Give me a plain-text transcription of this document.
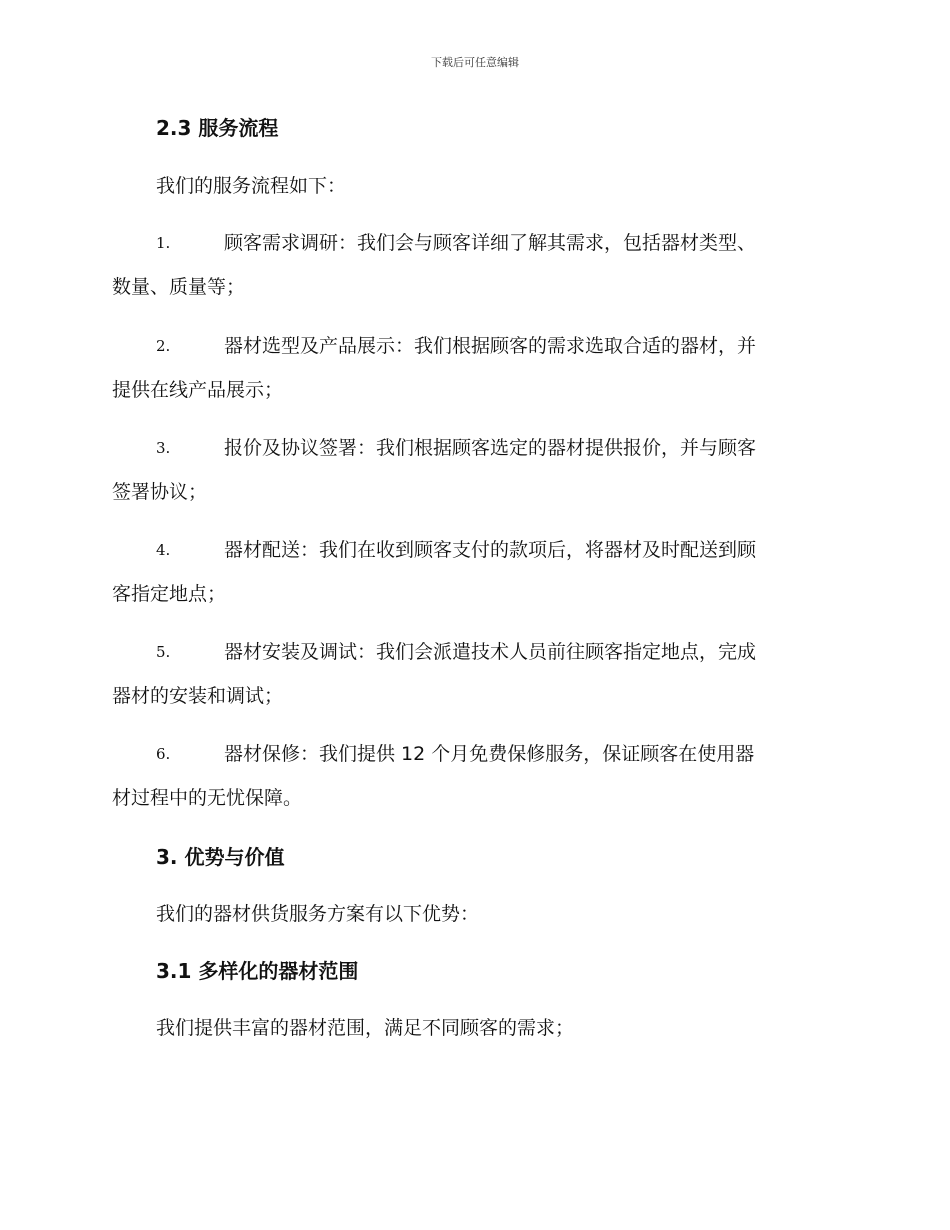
下载后可任意编辑
2.3 服务流程
我们的服务流程如下：
1.	顾客需求调研：我们会与顾客详细了解其需求，包括器材类型、
数量、质量等；
2.	器材选型及产品展示：我们根据顾客的需求选取合适的器材，并
提供在线产品展示；
3.	报价及协议签署：我们根据顾客选定的器材提供报价，并与顾客
签署协议；
4.	器材配送：我们在收到顾客支付的款项后，将器材及时配送到顾
客指定地点；
5.	器材安装及调试：我们会派遣技术人员前往顾客指定地点，完成
器材的安装和调试；
6.	器材保修：我们提供 12 个月免费保修服务，保证顾客在使用器
材过程中的无忧保障。
3. 优势与价值
我们的器材供货服务方案有以下优势：
3.1 多样化的器材范围
我们提供丰富的器材范围，满足不同顾客的需求；
